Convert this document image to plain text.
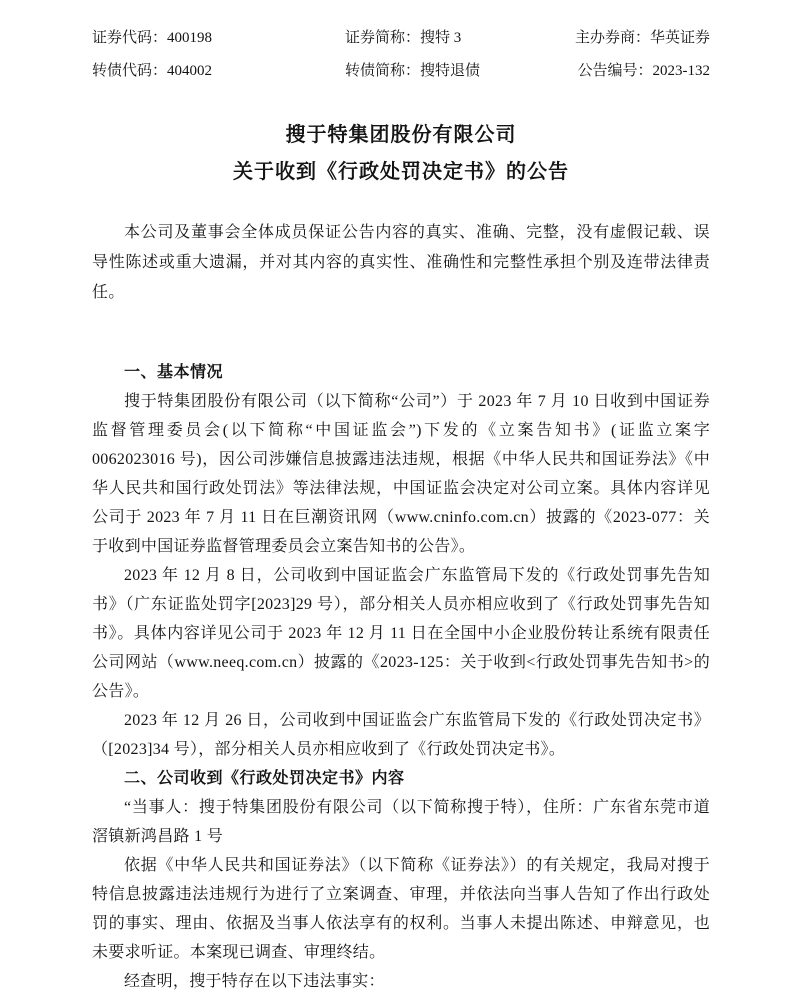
证券代码：400198	证券简称：搜特 3	主办券商：华英证券
转债代码：404002	转债简称：搜特退债	公告编号：2023-132
搜于特集团股份有限公司
关于收到《行政处罚决定书》的公告

本公司及董事会全体成员保证公告内容的真实、准确、完整，没有虚假记载、误导性陈述或重大遗漏，并对其内容的真实性、准确性和完整性承担个别及连带法律责任。

一、基本情况

搜于特集团股份有限公司（以下简称“公司”）于 2023 年 7 月 10 日收到中国证券监督管理委员会(以下简称“中国证监会”)下发的《立案告知书》(证监立案字 0062023016 号)，因公司涉嫌信息披露违法违规，根据《中华人民共和国证券法》《中华人民共和国行政处罚法》等法律法规，中国证监会决定对公司立案。具体内容详见公司于 2023 年 7 月 11 日在巨潮资讯网（www.cninfo.com.cn）披露的《2023-077：关于收到中国证券监督管理委员会立案告知书的公告》。

2023 年 12 月 8 日，公司收到中国证监会广东监管局下发的《行政处罚事先告知书》（广东证监处罚字[2023]29 号），部分相关人员亦相应收到了《行政处罚事先告知书》。具体内容详见公司于 2023 年 12 月 11 日在全国中小企业股份转让系统有限责任公司网站（www.neeq.com.cn）披露的《2023-125：关于收到<行政处罚事先告知书>的公告》。

2023 年 12 月 26 日，公司收到中国证监会广东监管局下发的《行政处罚决定书》（[2023]34 号），部分相关人员亦相应收到了《行政处罚决定书》。

二、公司收到《行政处罚决定书》内容

“当事人：搜于特集团股份有限公司（以下简称搜于特），住所：广东省东莞市道滘镇新鸿昌路 1 号

依据《中华人民共和国证券法》（以下简称《证券法》）的有关规定，我局对搜于特信息披露违法违规行为进行了立案调查、审理，并依法向当事人告知了作出行政处罚的事实、理由、依据及当事人依法享有的权利。当事人未提出陈述、申辩意见，也未要求听证。本案现已调查、审理终结。

经查明，搜于特存在以下违法事实：
